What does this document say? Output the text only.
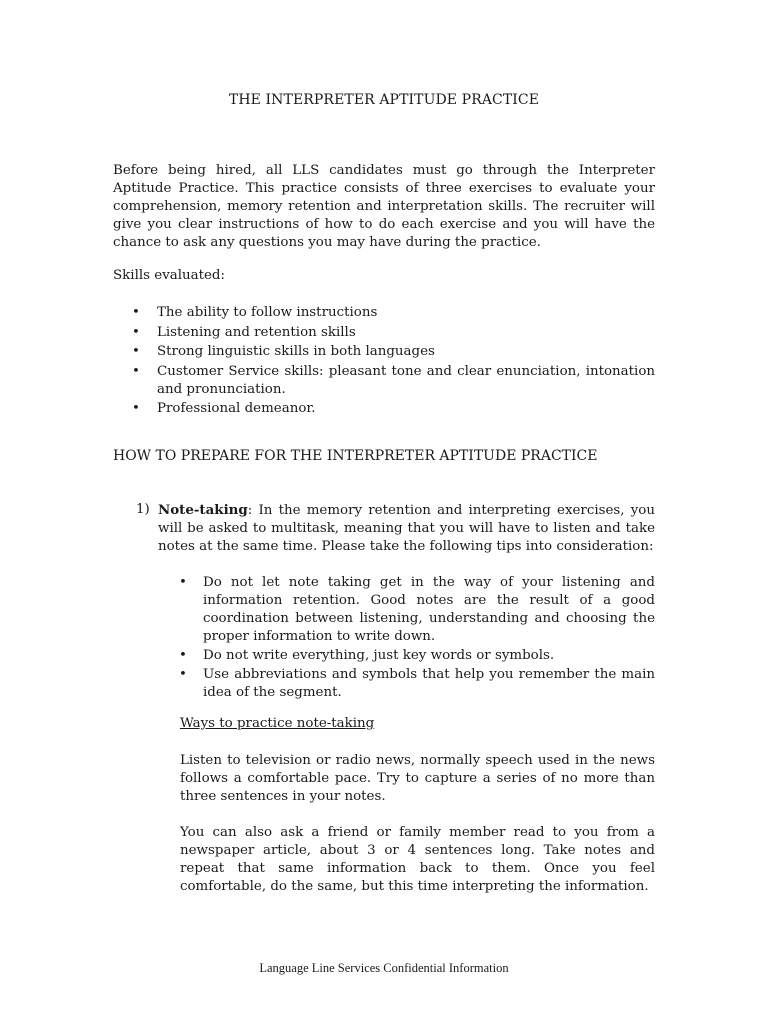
THE INTERPRETER APTITUDE PRACTICE
Before being hired, all LLS candidates must go through the Interpreter Aptitude Practice. This practice consists of three exercises to evaluate your comprehension, memory retention and interpretation skills. The recruiter will give you clear instructions of how to do each exercise and you will have the chance to ask any questions you may have during the practice.
Skills evaluated:
• The ability to follow instructions
• Listening and retention skills
• Strong linguistic skills in both languages
• Customer Service skills: pleasant tone and clear enunciation, intonation and pronunciation.
• Professional demeanor.
HOW TO PREPARE FOR THE INTERPRETER APTITUDE PRACTICE
1) Note-taking: In the memory retention and interpreting exercises, you will be asked to multitask, meaning that you will have to listen and take notes at the same time. Please take the following tips into consideration:
• Do not let note taking get in the way of your listening and information retention. Good notes are the result of a good coordination between listening, understanding and choosing the proper information to write down.
• Do not write everything, just key words or symbols.
• Use abbreviations and symbols that help you remember the main idea of the segment.
Ways to practice note-taking
Listen to television or radio news, normally speech used in the news follows a comfortable pace. Try to capture a series of no more than three sentences in your notes.
You can also ask a friend or family member read to you from a newspaper article, about 3 or 4 sentences long. Take notes and repeat that same information back to them. Once you feel comfortable, do the same, but this time interpreting the information.
Language Line Services Confidential Information
